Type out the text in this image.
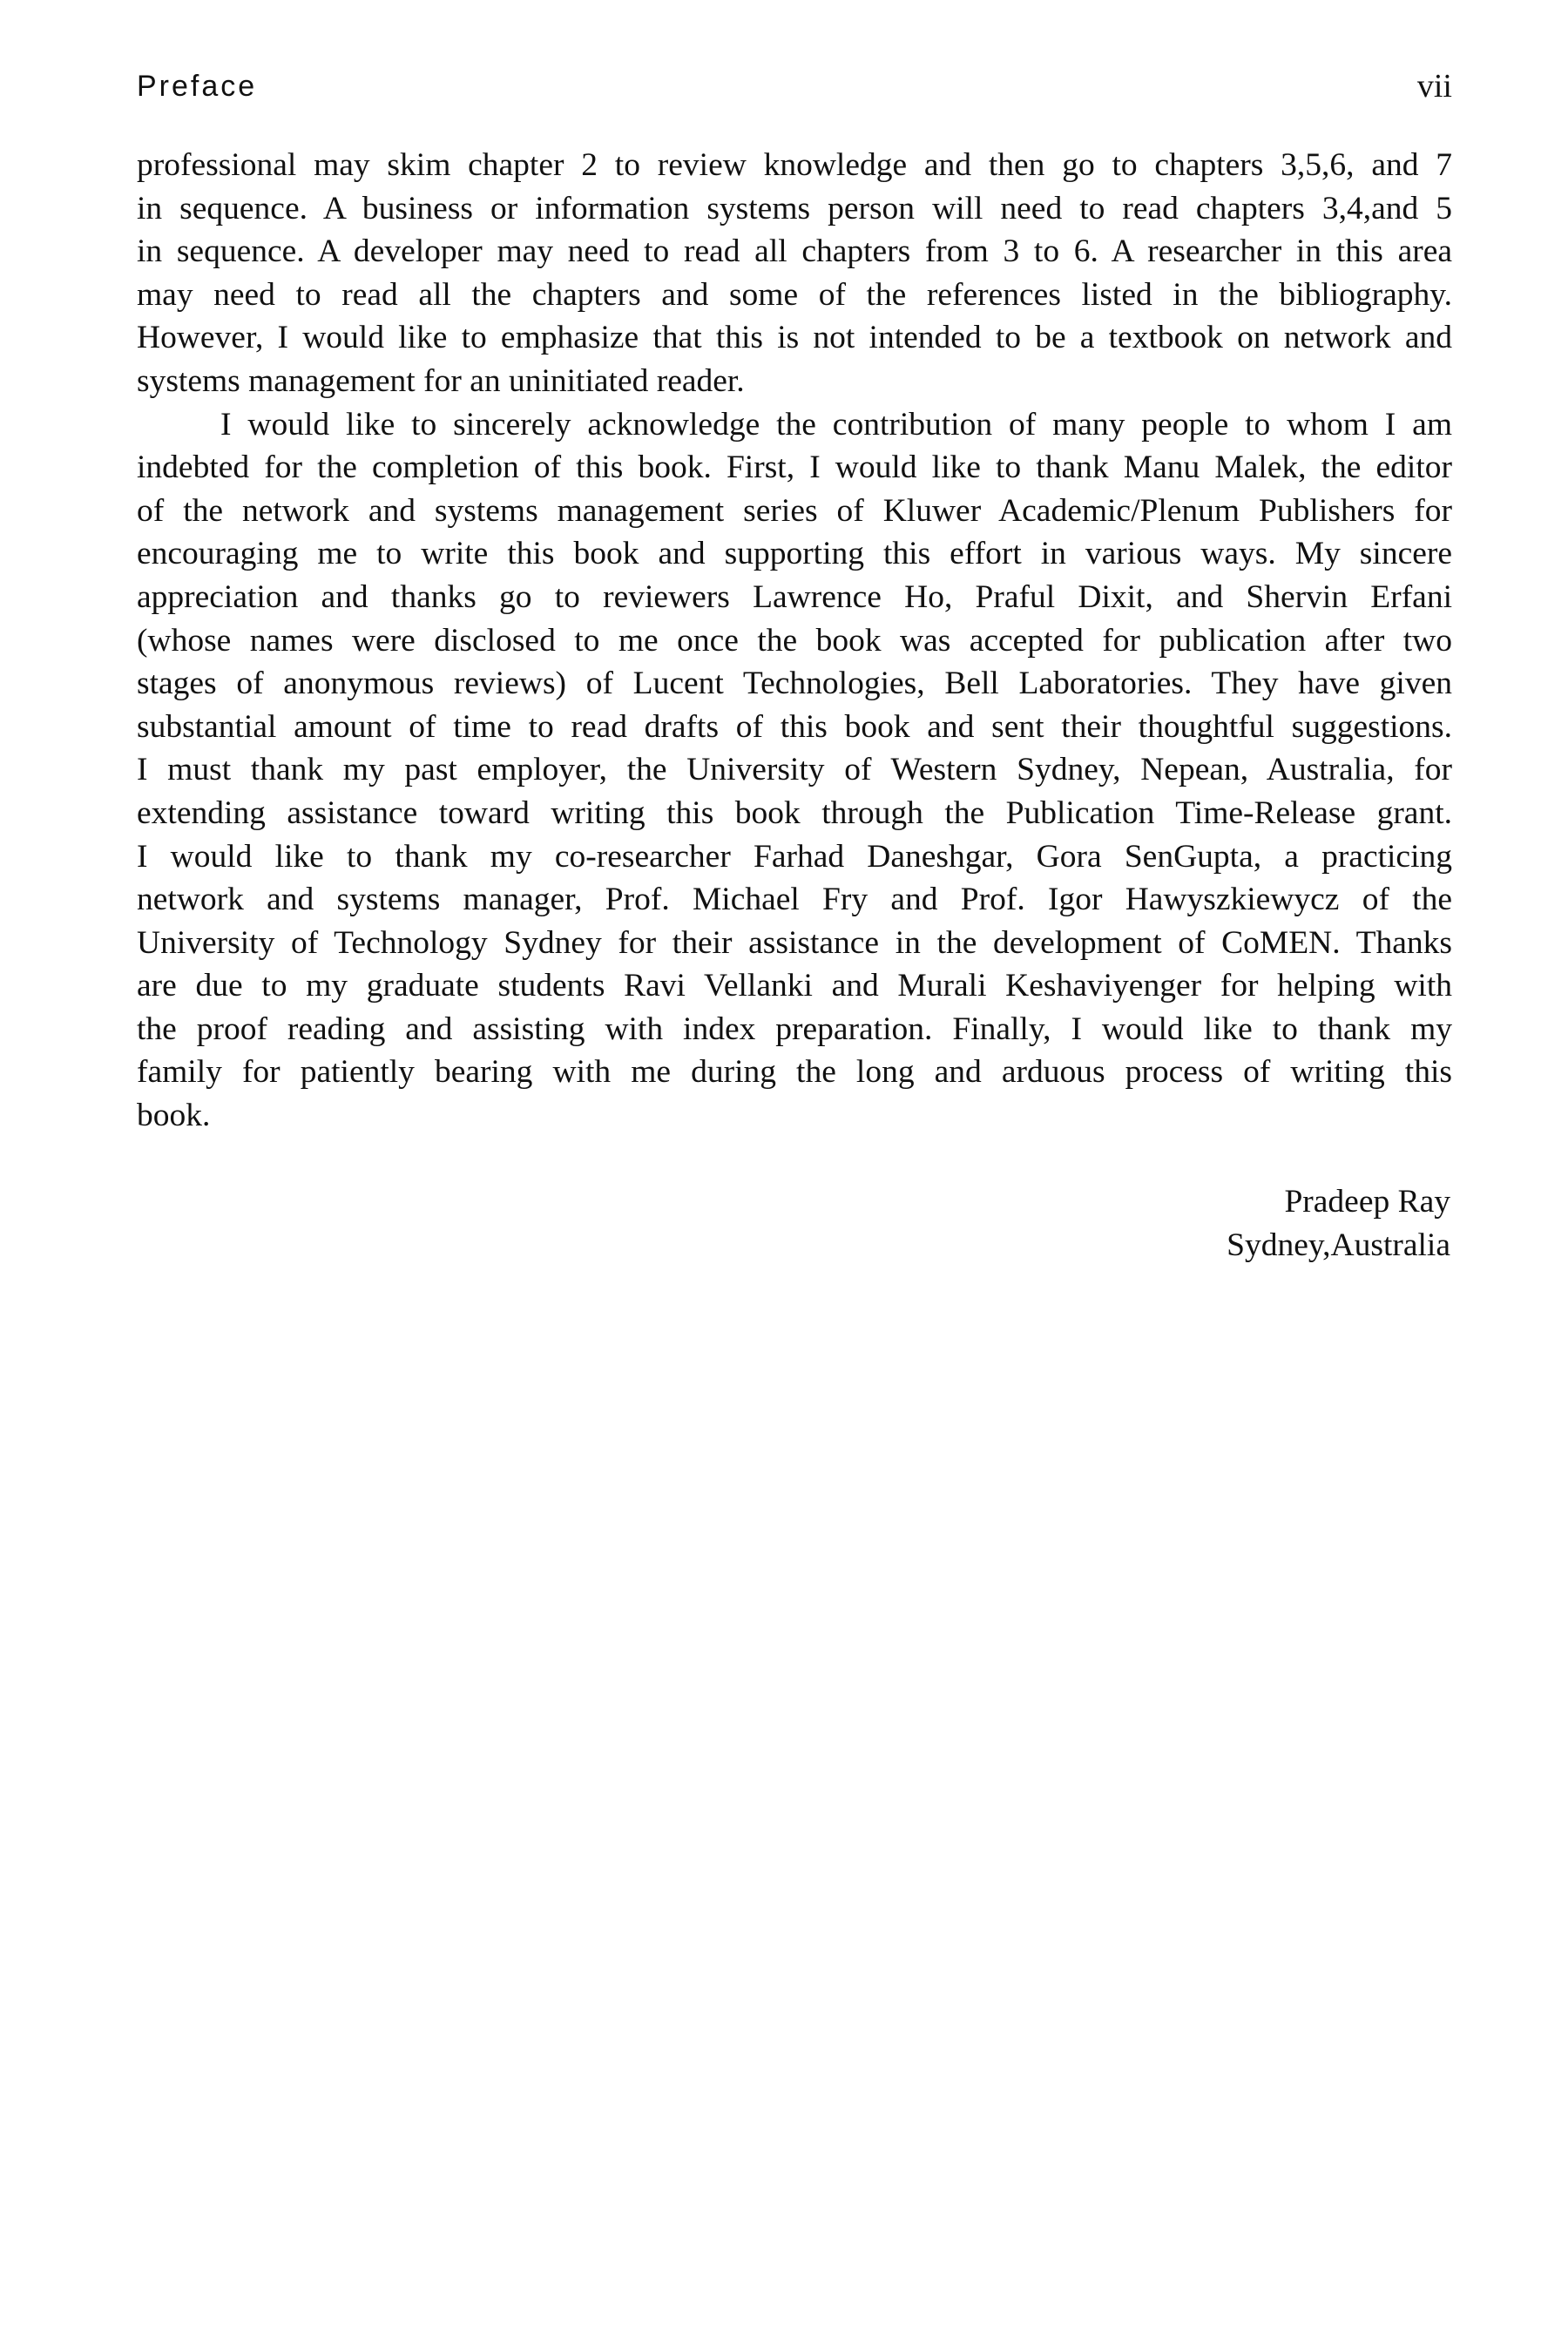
Preface	vii

professional may skim chapter 2 to review knowledge and then go to chapters 3,5,6, and 7
in sequence. A business or information systems person will need to read chapters 3,4,and 5
in sequence. A developer may need to read all chapters from 3 to 6. A researcher in this area
may need to read all the chapters and some of the references listed in the bibliography.
However, I would like to emphasize that this is not intended to be a textbook on network and
systems management for an uninitiated reader.

I would like to sincerely acknowledge the contribution of many people to whom I am
indebted for the completion of this book. First, I would like to thank Manu Malek, the editor
of the network and systems management series of Kluwer Academic/Plenum Publishers for
encouraging me to write this book and supporting this effort in various ways. My sincere
appreciation and thanks go to reviewers Lawrence Ho, Praful Dixit, and Shervin Erfani
(whose names were disclosed to me once the book was accepted for publication after two
stages of anonymous reviews) of Lucent Technologies, Bell Laboratories. They have given
substantial amount of time to read drafts of this book and sent their thoughtful suggestions.
I must thank my past employer, the University of Western Sydney, Nepean, Australia, for
extending assistance toward writing this book through the Publication Time-Release grant.
I would like to thank my co-researcher Farhad Daneshgar, Gora SenGupta, a practicing
network and systems manager, Prof. Michael Fry and Prof. Igor Hawyszkiewycz of the
University of Technology Sydney for their assistance in the development of CoMEN. Thanks
are due to my graduate students Ravi Vellanki and Murali Keshaviyenger for helping with
the proof reading and assisting with index preparation. Finally, I would like to thank my
family for patiently bearing with me during the long and arduous process of writing this
book.

Pradeep Ray
Sydney,Australia
